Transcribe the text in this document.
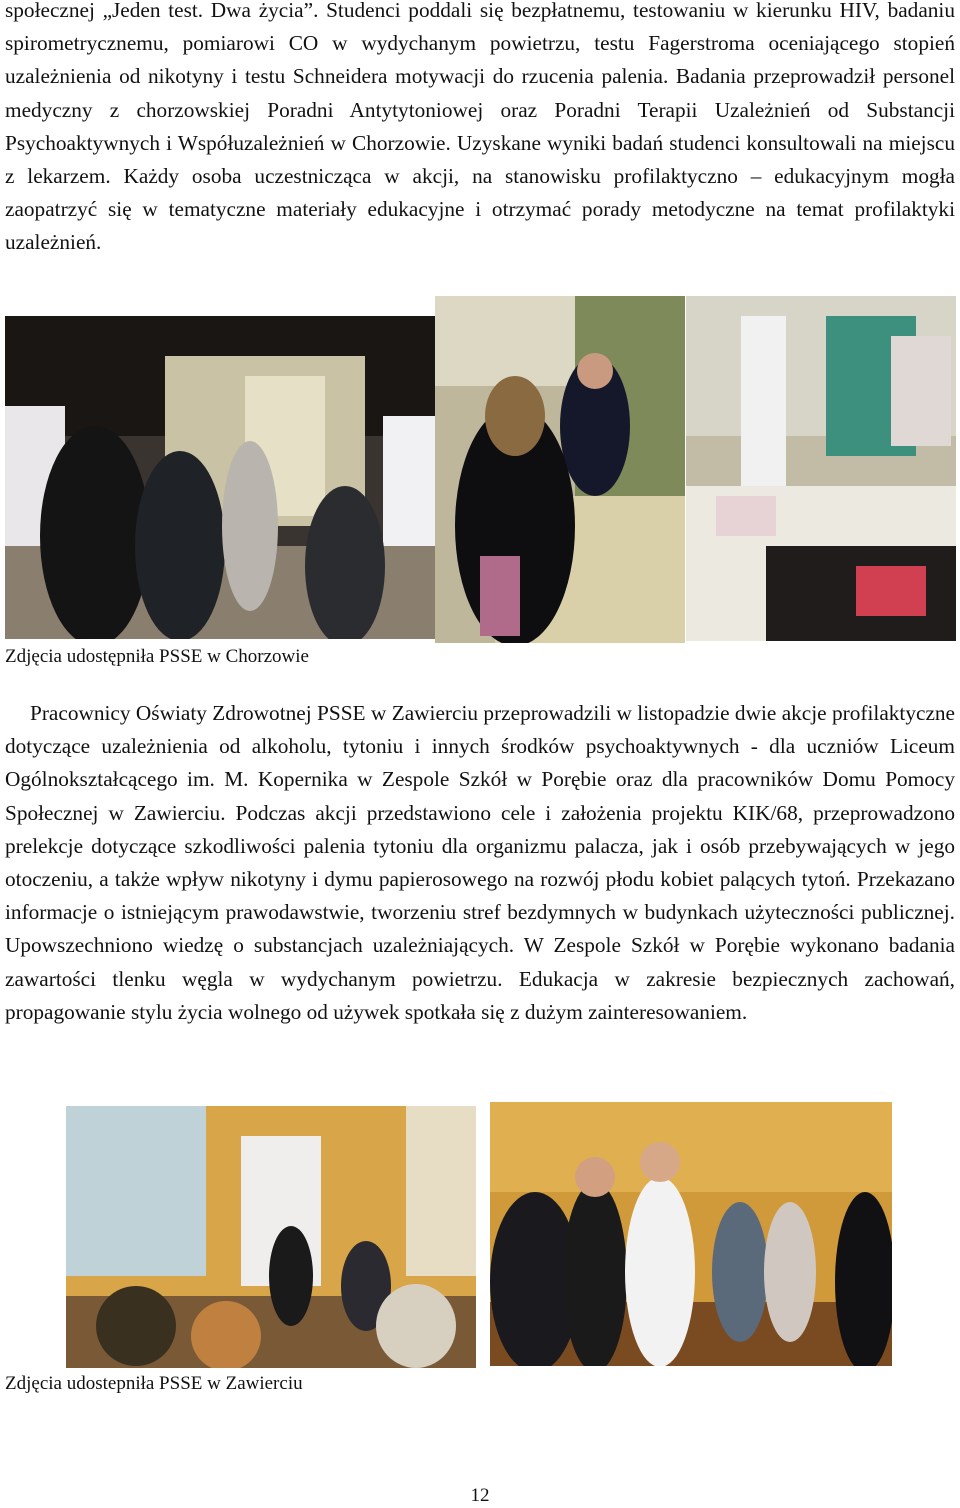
społecznej „Jeden test. Dwa życia”. Studenci poddali się bezpłatnemu, testowaniu w kierunku HIV, badaniu spirometrycznemu, pomiarowi CO w wydychanym powietrzu, testu Fagerstroma oceniającego stopień uzależnienia od nikotyny i testu Schneidera motywacji do rzucenia palenia. Badania przeprowadził personel medyczny z chorzowskiej Poradni Antytytoniowej oraz Poradni Terapii Uzależnień od Substancji Psychoaktywnych i Współuzależnień w Chorzowie. Uzyskane wyniki badań studenci konsultowali na miejscu z lekarzem. Każdy osoba uczestnicząca w akcji, na stanowisku profilaktyczno – edukacyjnym mogła zaopatrzyć się w tematyczne materiały edukacyjne i otrzymać porady metodyczne na temat profilaktyki uzależnień.

Zdjęcia udostępniła PSSE w Chorzowie

Pracownicy Oświaty Zdrowotnej PSSE w Zawierciu przeprowadzili w listopadzie dwie akcje profilaktyczne dotyczące uzależnienia od alkoholu, tytoniu i innych środków psychoaktywnych - dla uczniów Liceum Ogólnokształcącego im. M. Kopernika w Zespole Szkół w Porębie oraz dla pracowników Domu Pomocy Społecznej w Zawierciu. Podczas akcji przedstawiono cele i założenia projektu KIK/68, przeprowadzono prelekcje dotyczące szkodliwości palenia tytoniu dla organizmu palacza, jak i osób przebywających w jego otoczeniu, a także wpływ nikotyny i dymu papierosowego na rozwój płodu kobiet palących tytoń. Przekazano informacje o istniejącym prawodawstwie, tworzeniu stref bezdymnych w budynkach użyteczności publicznej. Upowszechniono wiedzę o substancjach uzależniających. W Zespole Szkół w Porębie wykonano badania zawartości tlenku węgla w wydychanym powietrzu. Edukacja w zakresie bezpiecznych zachowań, propagowanie stylu życia wolnego od używek spotkała się z dużym zainteresowaniem.

Zdjęcia udostepniła PSSE w Zawierciu

12
